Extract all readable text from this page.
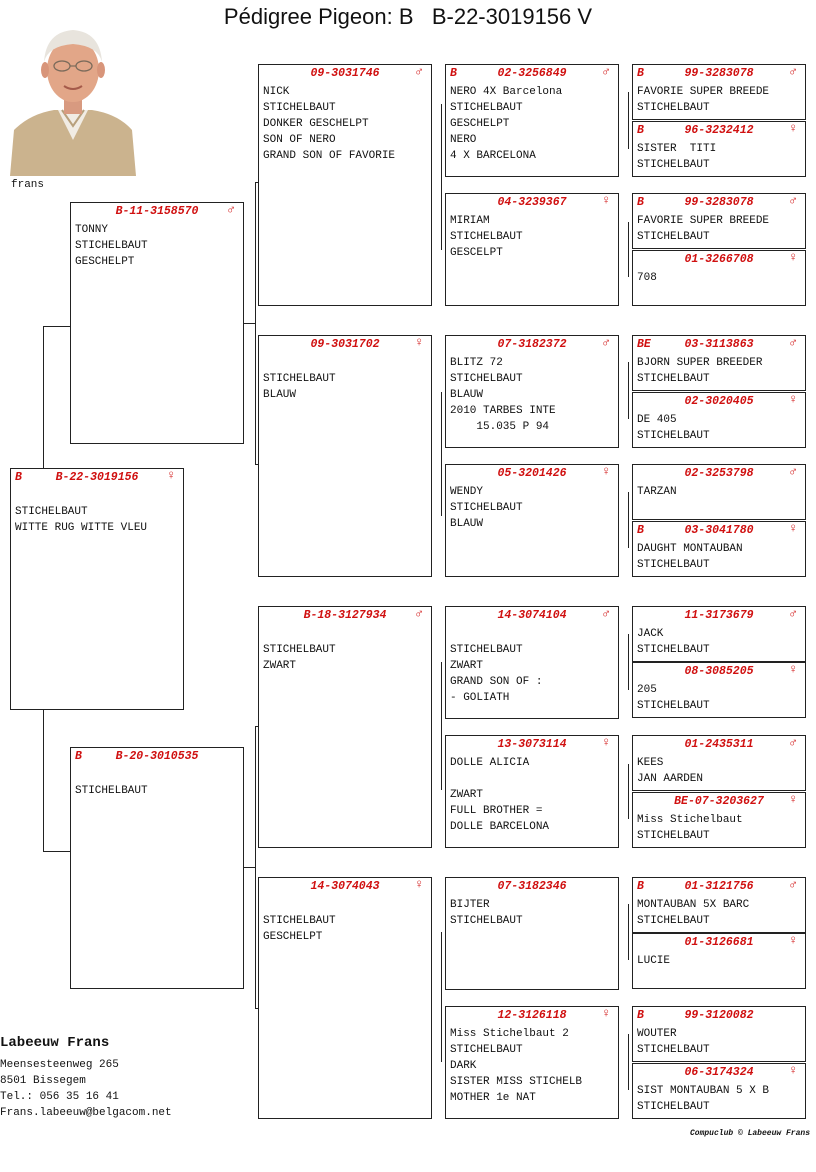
Pédigree Pigeon: B   B-22-3019156 V
frans
B	B-22-3019156	♀
STICHELBAUT
WITTE RUG WITTE VLEU
B-11-3158570	♂
TONNY
STICHELBAUT
GESCHELPT
B	B-20-3010535
STICHELBAUT
09-3031746	♂
NICK
STICHELBAUT
DONKER GESCHELPT
SON OF NERO
GRAND SON OF FAVORIE
09-3031702	♀
STICHELBAUT
BLAUW
B-18-3127934	♂
STICHELBAUT
ZWART
14-3074043	♀
STICHELBAUT
GESCHELPT
B	02-3256849	♂
NERO 4X Barcelona
STICHELBAUT
GESCHELPT
NERO
4 X BARCELONA
04-3239367	♀
MIRIAM
STICHELBAUT
GESCELPT
07-3182372	♂
BLITZ 72
STICHELBAUT
BLAUW
2010 TARBES INTE
15.035 P 94
05-3201426	♀
WENDY
STICHELBAUT
BLAUW
14-3074104	♂
STICHELBAUT
ZWART
GRAND SON OF :
- GOLIATH
13-3073114	♀
DOLLE ALICIA
ZWART
FULL BROTHER =
DOLLE BARCELONA
07-3182346
BIJTER
STICHELBAUT
12-3126118	♀
Miss Stichelbaut 2
STICHELBAUT
DARK
SISTER MISS STICHELB
MOTHER 1e NAT
B	99-3283078	♂
FAVORIE SUPER BREEDE
STICHELBAUT
B	96-3232412	♀
SISTER  TITI
STICHELBAUT
B	99-3283078	♂
FAVORIE SUPER BREEDE
STICHELBAUT
01-3266708	♀
708
BE	03-3113863	♂
BJORN SUPER BREEDER
STICHELBAUT
02-3020405	♀
DE 405
STICHELBAUT
02-3253798	♂
TARZAN
B	03-3041780	♀
DAUGHT MONTAUBAN
STICHELBAUT
11-3173679	♂
JACK
STICHELBAUT
08-3085205	♀
205
STICHELBAUT
01-2435311	♂
KEES
JAN AARDEN
BE-07-3203627	♀
Miss Stichelbaut
STICHELBAUT
B	01-3121756	♂
MONTAUBAN 5X BARC
STICHELBAUT
01-3126681	♀
LUCIE
B	99-3120082
WOUTER
STICHELBAUT
06-3174324	♀
SIST MONTAUBAN 5 X B
STICHELBAUT
Labeeuw Frans
Meensesteenweg 265
8501 Bissegem
Tel.: 056 35 16 41
Frans.labeeuw@belgacom.net
Compuclub © Labeeuw Frans
